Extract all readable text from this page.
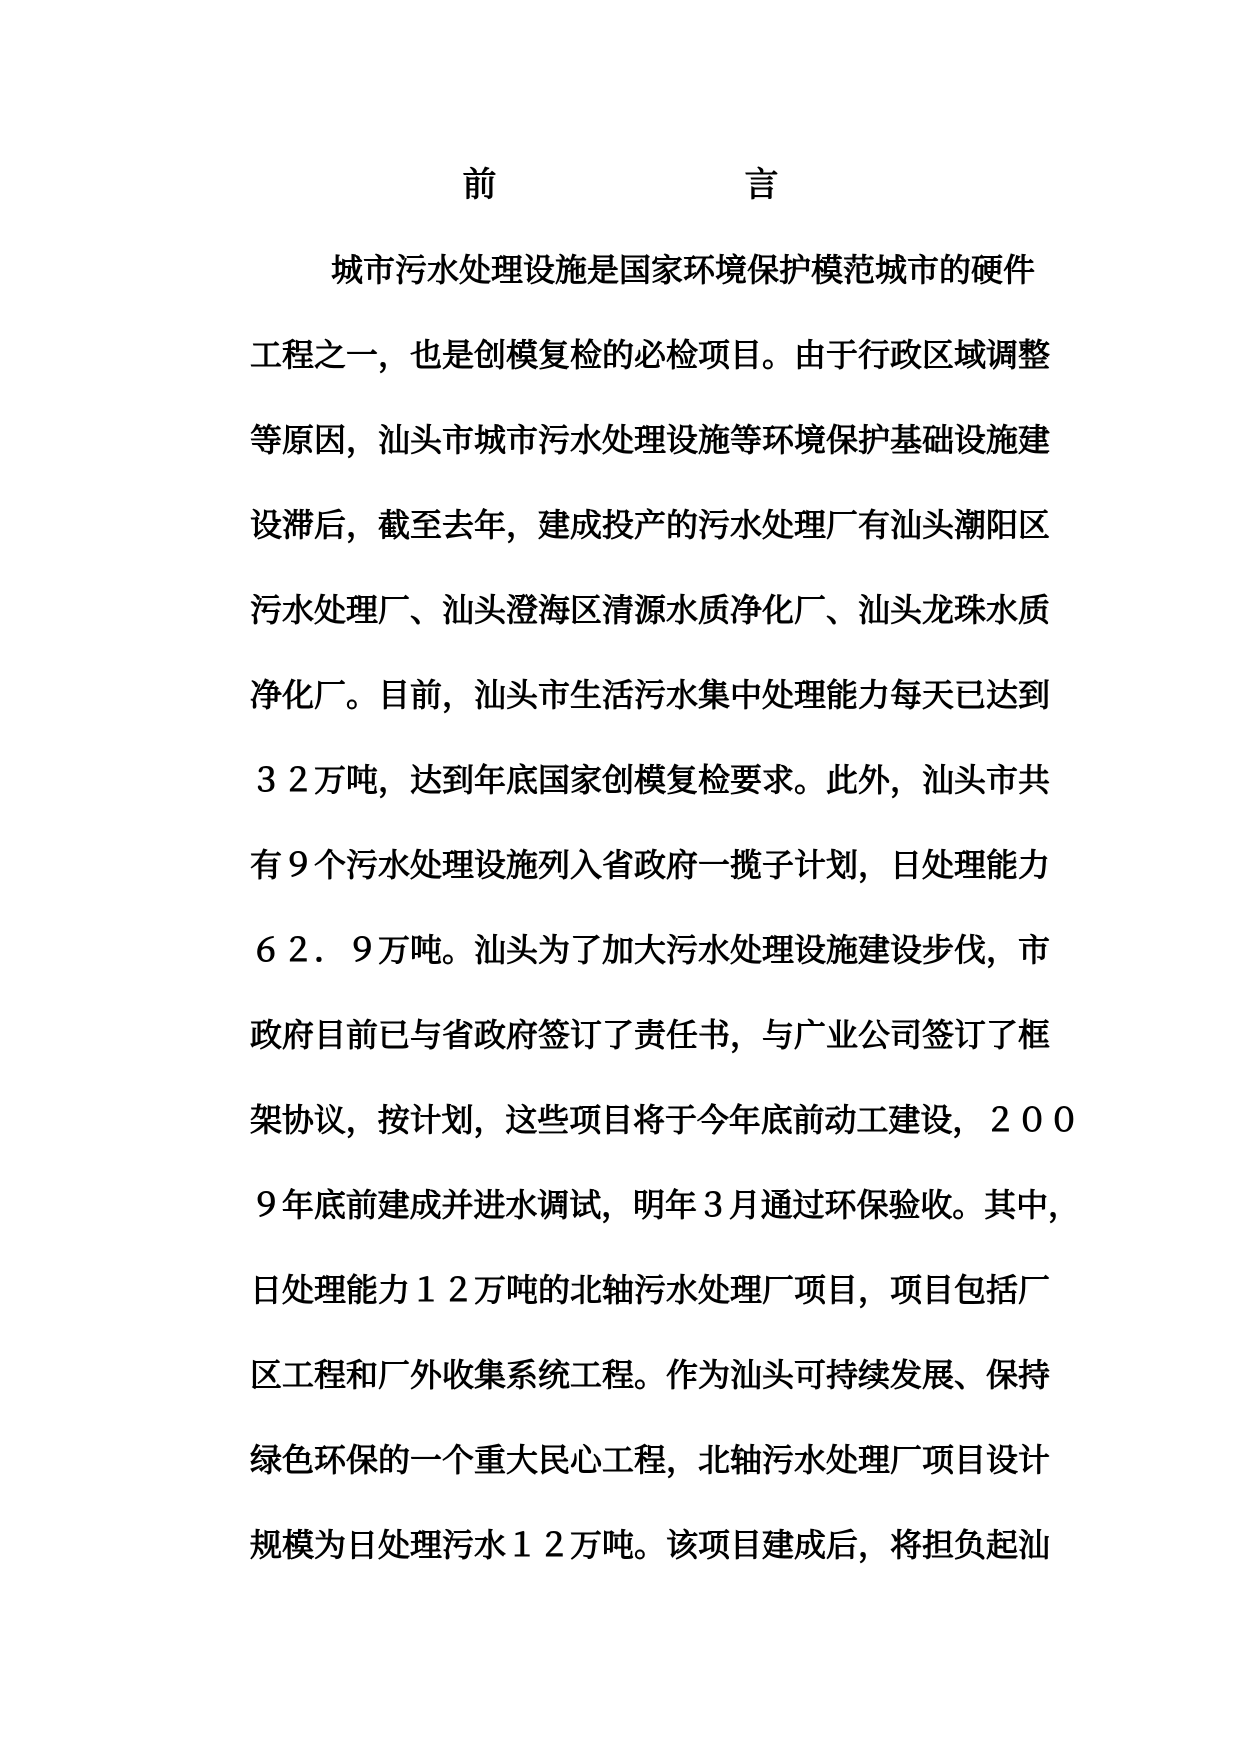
前　　言
城市污水处理设施是国家环境保护模范城市的硬件
工程之一，也是创模复检的必检项目。由于行政区域调整
等原因，汕头市城市污水处理设施等环境保护基础设施建
设滞后，截至去年，建成投产的污水处理厂有汕头潮阳区
污水处理厂、汕头澄海区清源水质净化厂、汕头龙珠水质
净化厂。目前，汕头市生活污水集中处理能力每天已达到
３２万吨，达到年底国家创模复检要求。此外，汕头市共
有９个污水处理设施列入省政府一揽子计划，日处理能力
６２．９万吨。汕头为了加大污水处理设施建设步伐，市
政府目前已与省政府签订了责任书，与广业公司签订了框
架协议，按计划，这些项目将于今年底前动工建设，２００
９年底前建成并进水调试，明年３月通过环保验收。其中，
日处理能力１２万吨的北轴污水处理厂项目，项目包括厂
区工程和厂外收集系统工程。作为汕头可持续发展、保持
绿色环保的一个重大民心工程，北轴污水处理厂项目设计
规模为日处理污水１２万吨。该项目建成后，将担负起汕
